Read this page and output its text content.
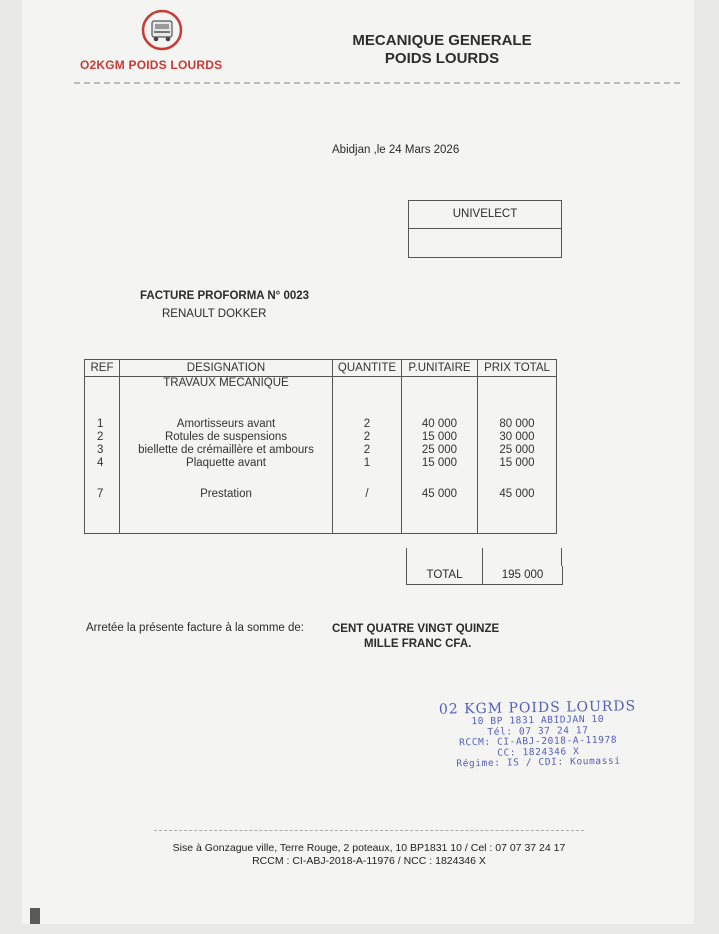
O2KGM POIDS LOURDS
MECANIQUE GENERALE
POIDS LOURDS
Abidjan ,le 24 Mars 2026
UNIVELECT
FACTURE PROFORMA N° 0023
RENAULT DOKKER
REF	DESIGNATION	QUANTITE	P.UNITAIRE	PRIX TOTAL
	TRAVAUX MECANIQUE			

1	Amortisseurs avant	2	40 000	80 000
2	Rotules de suspensions	2	15 000	30 000
3	biellette de crémaillère et ambours	2	25 000	25 000
4	Plaquette avant	1	15 000	15 000

7	Prestation	/	45 000	45 000

TOTAL	195 000
Arretée la présente facture à la somme de: CENT QUATRE VINGT QUINZE
MILLE FRANC CFA.
02 KGM POIDS LOURDS
10 BP 1831 ABIDJAN 10
Tél: 07 37 24 17
RCCM: CI-ABJ-2018-A-11978
CC: 1824346 X
Régime: IS / CDI: Koumassi
Sise à Gonzague ville, Terre Rouge, 2 poteaux, 10 BP1831 10 / Cel : 07 07 37 24 17
RCCM : CI-ABJ-2018-A-11976 / NCC : 1824346 X
